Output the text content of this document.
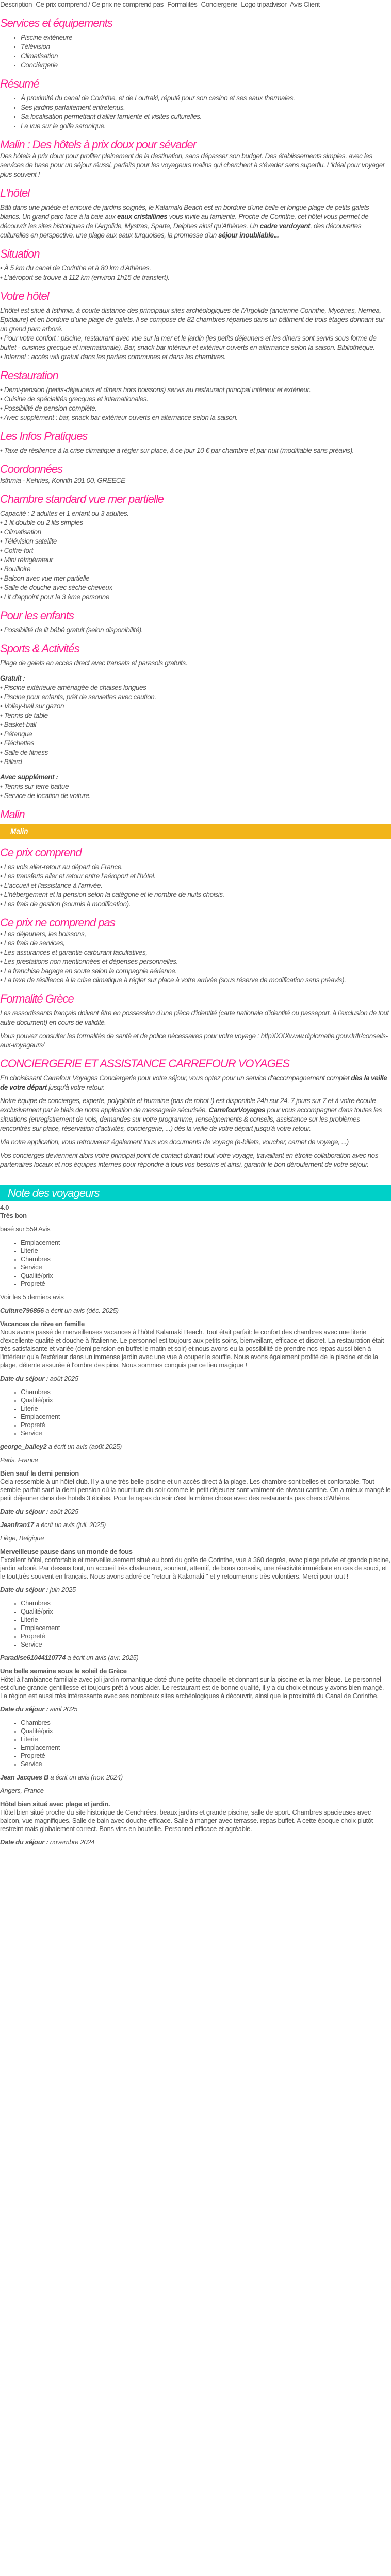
Description Ce prix comprend / Ce prix ne comprend pas Formalités Conciergerie Logo tripadvisor Avis Client
Services et équipements
• Piscine extérieure
• Télévision
• Climatisation
• Concièrgerie
Résumé
• À proximité du canal de Corinthe, et de Loutraki, réputé pour son casino et ses eaux thermales.
• Ses jardins parfaitement entretenus.
• Sa localisation permettant d'allier farniente et visites culturelles.
• La vue sur le golfe saronique.
Malin : Des hôtels à prix doux pour sévader

Des hôtels à prix doux pour profiter pleinement de la destination, sans dépasser son budget. Des établissements simples, avec les services de base pour un séjour réussi, parfaits pour les voyageurs malins qui cherchent à s'évader sans superflu. L'idéal pour voyager plus souvent !

L'hôtel

Bâti dans une pinède et entouré de jardins soignés, le Kalamaki Beach est en bordure d'une belle et longue plage de petits galets blancs. Un grand parc face à la baie aux eaux cristallines vous invite au farniente. Proche de Corinthe, cet hôtel vous permet de découvrir les sites historiques de l’Argolide, Mystras, Sparte, Delphes ainsi qu’Athènes. Un cadre verdoyant, des découvertes culturelles en perspective, une plage aux eaux turquoises, la promesse d'un séjour inoubliable...

Situation
• À 5 km du canal de Corinthe et à 80 km d’Athènes.
• L’aéroport se trouve à 112 km (environ 1h15 de transfert).
Votre hôtel
L’hôtel est situé à Isthmia, à courte distance des principaux sites archéologiques de l’Argolide (ancienne Corinthe, Mycènes, Nemea, Épidaure) et en bordure d’une plage de galets. Il se compose de 82 chambres réparties dans un bâtiment de trois étages donnant sur un grand parc arboré.
• Pour votre confort : piscine, restaurant avec vue sur la mer et le jardin (les petits déjeuners et les dîners sont servis sous forme de buffet - cuisines grecque et internationale). Bar, snack bar intérieur et extérieur ouverts en alternance selon la saison. Bibliothèque.
• Internet : accès wifi gratuit dans les parties communes et dans les chambres.
Restauration
• Demi-pension (petits-déjeuners et dîners hors boissons) servis au restaurant principal intérieur et extérieur.
• Cuisine de spécialités grecques et internationales.
• Possibilité de pension complète.
• Avec supplément : bar, snack bar extérieur ouverts en alternance selon la saison.
Les Infos Pratiques
• Taxe de résilience à la crise climatique à régler sur place, à ce jour 10 € par chambre et par nuit (modifiable sans préavis).
Coordonnées

Isthmia - Kehries, Korinth 201 00, GREECE

Chambre standard vue mer partielle
Capacité : 2 adultes et 1 enfant ou 3 adultes.
• 1 lit double ou 2 lits simples
• Climatisation
• Télévision satellite
• Coffre-fort
• Mini réfrigérateur
• Bouilloire
• Balcon avec vue mer partielle
• Salle de douche avec sèche-cheveux
• Lit d'appoint pour la 3 ème personne
Pour les enfants
• Possibilité de lit bébé gratuit (selon disponibilité).
Sports & Activités

Plage de galets en accès direct avec transats et parasols gratuits.

Gratuit :

• Piscine extérieure aménagée de chaises longues
• Piscine pour enfants, prêt de serviettes avec caution.
• Volley-ball sur gazon
• Tennis de table
• Basket-ball
• Pétanque
• Fléchettes
• Salle de fitness
• Billard

Avec supplément :

• Tennis sur terre battue
• Service de location de voiture.
Malin
Malin
Ce prix comprend
• Les vols aller-retour au départ de France.
• Les transferts aller et retour entre l’aéroport et l’hôtel.
• L'accueil et l'assistance à l'arrivée.
• L'hébergement et la pension selon la catégorie et le nombre de nuits choisis.
• Les frais de gestion (soumis à modification).
Ce prix ne comprend pas
• Les déjeuners, les boissons,
• Les frais de services,
• Les assurances et garantie carburant facultatives,
• Les prestations non mentionnées et dépenses personnelles.
• La franchise bagage en soute selon la compagnie aérienne.
• La taxe de résilience à la crise climatique à régler sur place à votre arrivée (sous réserve de modification sans préavis).
Formalité Grèce

Les ressortissants français doivent être en possession d’une pièce d’identité (carte nationale d’identité ou passeport, à l’exclusion de tout autre document) en cours de validité.

Vous pouvez consulter les formalités de santé et de police nécessaires pour votre voyage : httpXXXXwww.diplomatie.gouv.fr/fr/conseils-aux-voyageurs/

CONCIERGERIE ET ASSISTANCE CARREFOUR VOYAGES

En choisissant Carrefour Voyages Conciergerie pour votre séjour, vous optez pour un service d'accompagnement complet dès la veille de votre départ jusqu'à votre retour.

Notre équipe de concierges, experte, polyglotte et humaine (pas de robot !) est disponible 24h sur 24, 7 jours sur 7 et à votre écoute exclusivement par le biais de notre application de messagerie sécurisée, CarrefourVoyages pour vous accompagner dans toutes les situations (enregistrement de vols, demandes sur votre programme, renseignements & conseils, assistance sur les problèmes rencontrés sur place, réservation d’activités, conciergerie, ...) dès la veille de votre départ jusqu’à votre retour.

Via notre application, vous retrouverez également tous vos documents de voyage (e-billets, voucher, carnet de voyage, ...)

Vos concierges deviennent alors votre principal point de contact durant tout votre voyage, travaillant en étroite collaboration avec nos partenaires locaux et nos équipes internes pour répondre à tous vos besoins et ainsi, garantir le bon déroulement de votre séjour.

Note des voyageurs
4.0
Très bon
basé sur 559 Avis
• Emplacement
• Literie
• Chambres
• Service
• Qualité/prix
• Propreté
Voir les 5 derniers avis
Culture796856 a écrit un avis (déc. 2025)
Vacances de rêve en famille
Nous avons passé de merveilleuses vacances à l'hôtel Kalamaki Beach. Tout était parfait: le confort des chambres avec une literie d'excellente qualité et douche à l'italienne. Le personnel est toujours aux petits soins, bienveillant, efficace et discret. La restauration était très satisfaisante et variée (demi pension en buffet le matin et soir) et nous avons eu la possibilité de prendre nos repas aussi bien à l'intérieur qu'a l'extérieur dans un immense jardin avec une vue à couper le souffle. Nous avons également profité de la piscine et de la plage, détente assurée à l'ombre des pins. Nous sommes conquis par ce lieu magique !
Date du séjour : août 2025
• Chambres
• Qualité/prix
• Literie
• Emplacement
• Propreté
• Service
george_bailey2 a écrit un avis (août 2025)
Paris, France
Bien sauf la demi pension
Cela ressemble à un hôtel club. Il y a une très belle piscine et un accès direct à la plage. Les chambre sont belles et confortable. Tout semble parfait sauf la demi pension où la nourriture du soir comme le petit déjeuner sont vraiment de niveau cantine. On a mieux mangé le petit déjeuner dans des hotels 3 étoiles. Pour le repas du soir c'est la même chose avec des restaurants pas chers d'Athène.
Date du séjour : août 2025
Jeanfran17 a écrit un avis (juil. 2025)
Liège, Belgique
Merveilleuse pause dans un monde de fous
Excellent hôtel, confortable et merveilleusement situé au bord du golfe de Corinthe, vue à 360 degrés, avec plage privée et grande piscine, jardin arboré. Par dessus tout, un accueil très chaleureux, souriant, attentif, de bons conseils, une réactivité immédiate en cas de souci, et le tout,très souvent en français. Nous avons adoré ce "retour à Kalamaki " et y retournerons très volontiers. Merci pour tout !
Date du séjour : juin 2025
• Chambres
• Qualité/prix
• Literie
• Emplacement
• Propreté
• Service
Paradise61044110774 a écrit un avis (avr. 2025)
Une belle semaine sous le soleil de Grèce
Hôtel à l'ambiance familiale avec joli jardin romantique doté d'une petite chapelle et donnant sur la piscine et la mer bleue. Le personnel est d'une grande gentillesse et toujours prêt à vous aider. Le restaurant est de bonne qualité, il y a du choix et nous y avons bien mangé. La région est aussi très intéressante avec ses nombreux sites archéologiques à découvrir, ainsi que la proximité du Canal de Corinthe.
Date du séjour : avril 2025
• Chambres
• Qualité/prix
• Literie
• Emplacement
• Propreté
• Service
Jean Jacques B a écrit un avis (nov. 2024)
Angers, France
Hôtel bien situé avec plage et jardin.
Hôtel bien situé proche du site historique de Cenchrées. beaux jardins et grande piscine, salle de sport. Chambres spacieuses avec balcon, vue magnifiques. Salle de bain avec douche efficace. Salle à manger avec terrasse. repas buffet. A cette époque choix plutôt restreint mais globalement correct. Bons vins en bouteille. Personnel efficace et agréable.
Date du séjour : novembre 2024
